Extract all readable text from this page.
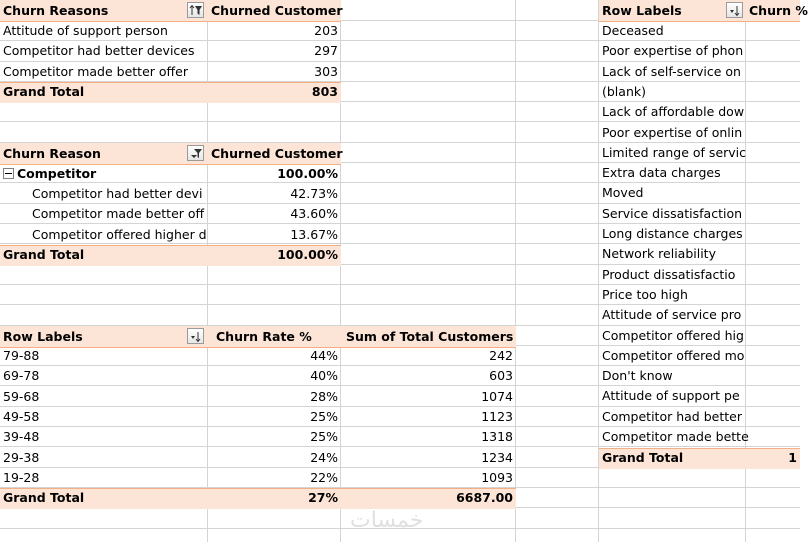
Churn Reasons	Churned Customer
Attitude of support person	203
Competitor had better devices	297
Competitor made better offer	303
Grand Total	803
Churn Reason	Churned Customer
Competitor	100.00%
Competitor had better devi	42.73%
Competitor made better off	43.60%
Competitor offered higher d	13.67%
Grand Total	100.00%
Row Labels	Churn Rate %	Sum of Total Customers
79-88	44%	242
69-78	40%	603
59-68	28%	1074
49-58	25%	1123
39-48	25%	1318
29-38	24%	1234
19-28	22%	1093
Grand Total	27%	6687.00
Row Labels	Churn %
Deceased
Poor expertise of phon
Lack of self-service on
(blank)
Lack of affordable dow
Poor expertise of onlin
Limited range of servic
Extra data charges
Moved
Service dissatisfaction
Long distance charges
Network reliability
Product dissatisfactio
Price too high
Attitude of service pro
Competitor offered hig
Competitor offered mo
Don't know
Attitude of support pe
Competitor had better
Competitor made bette
Grand Total	1
خمسات
